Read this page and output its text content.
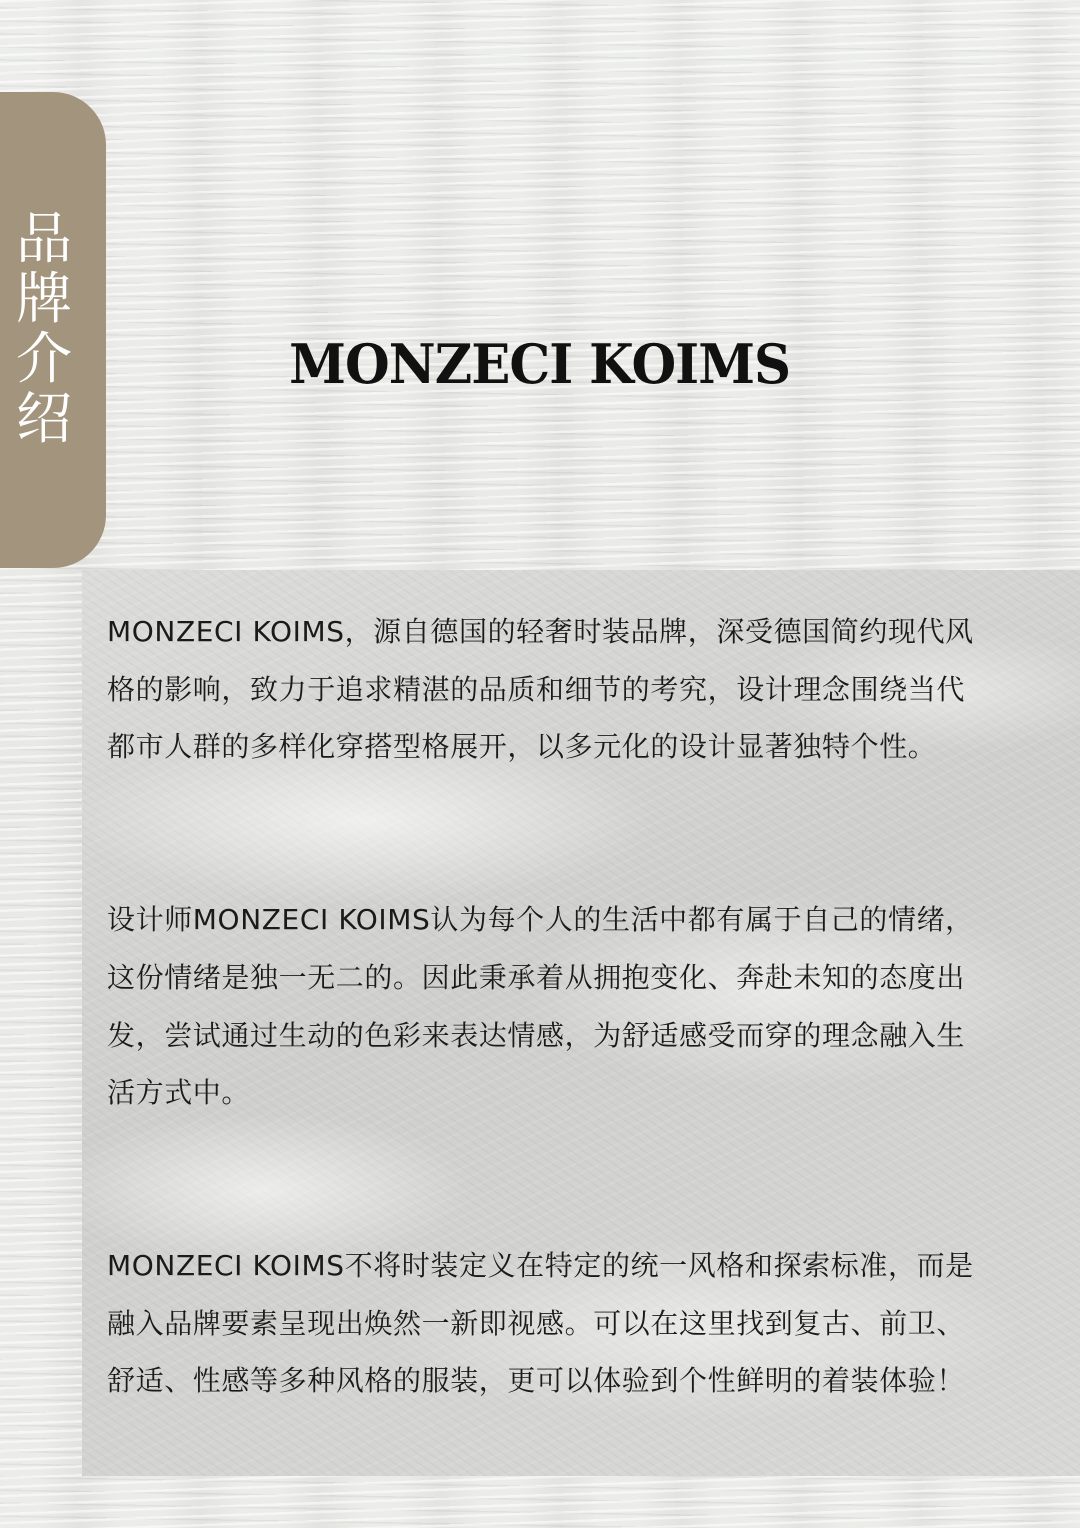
品牌介绍
MONZECI KOIMS

MONZECI KOIMS，源自德国的轻奢时装品牌，深受德国简约现代风格的影响，致力于追求精湛的品质和细节的考究，设计理念围绕当代都市人群的多样化穿搭型格展开，以多元化的设计显著独特个性。

设计师MONZECI KOIMS认为每个人的生活中都有属于自己的情绪，这份情绪是独一无二的。因此秉承着从拥抱变化、奔赴未知的态度出发，尝试通过生动的色彩来表达情感，为舒适感受而穿的理念融入生活方式中。

MONZECI KOIMS不将时装定义在特定的统一风格和探索标准，而是融入品牌要素呈现出焕然一新即视感。可以在这里找到复古、前卫、舒适、性感等多种风格的服装，更可以体验到个性鲜明的着装体验！
